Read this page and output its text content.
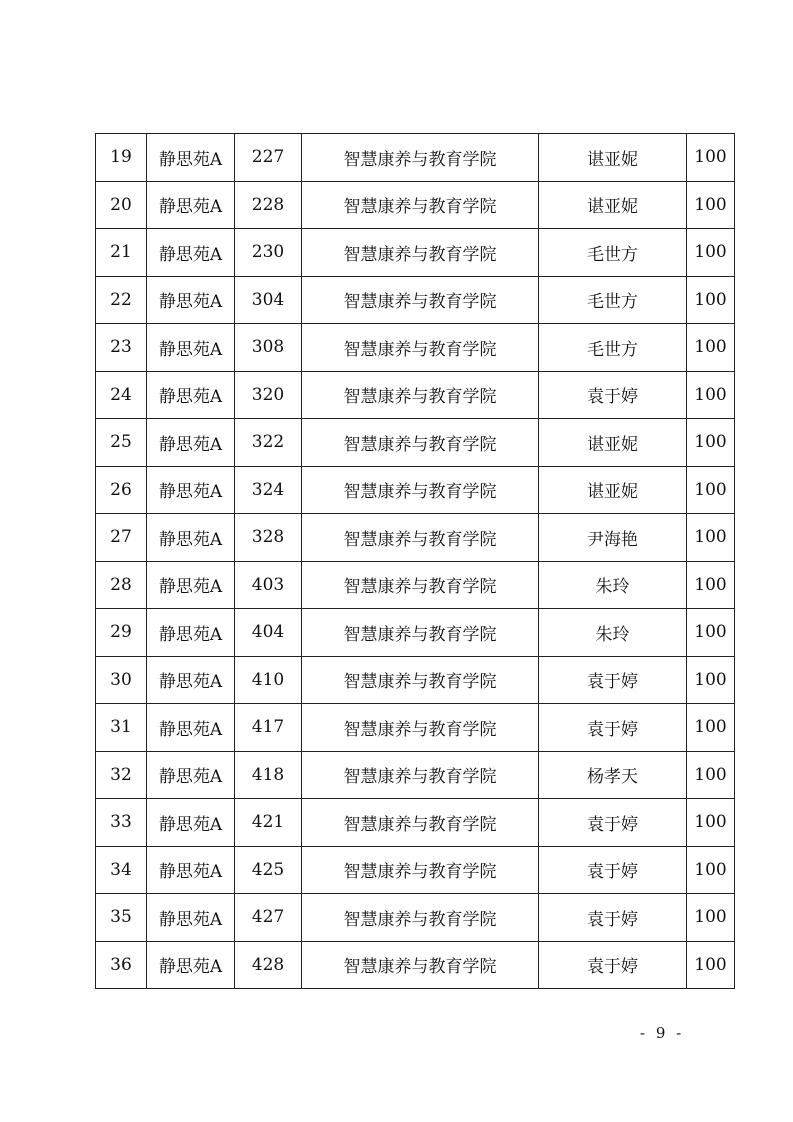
19	静思苑A	227	智慧康养与教育学院	谌亚妮	100
20	静思苑A	228	智慧康养与教育学院	谌亚妮	100
21	静思苑A	230	智慧康养与教育学院	毛世方	100
22	静思苑A	304	智慧康养与教育学院	毛世方	100
23	静思苑A	308	智慧康养与教育学院	毛世方	100
24	静思苑A	320	智慧康养与教育学院	袁于婷	100
25	静思苑A	322	智慧康养与教育学院	谌亚妮	100
26	静思苑A	324	智慧康养与教育学院	谌亚妮	100
27	静思苑A	328	智慧康养与教育学院	尹海艳	100
28	静思苑A	403	智慧康养与教育学院	朱玲	100
29	静思苑A	404	智慧康养与教育学院	朱玲	100
30	静思苑A	410	智慧康养与教育学院	袁于婷	100
31	静思苑A	417	智慧康养与教育学院	袁于婷	100
32	静思苑A	418	智慧康养与教育学院	杨孝天	100
33	静思苑A	421	智慧康养与教育学院	袁于婷	100
34	静思苑A	425	智慧康养与教育学院	袁于婷	100
35	静思苑A	427	智慧康养与教育学院	袁于婷	100
36	静思苑A	428	智慧康养与教育学院	袁于婷	100
- 9 -
